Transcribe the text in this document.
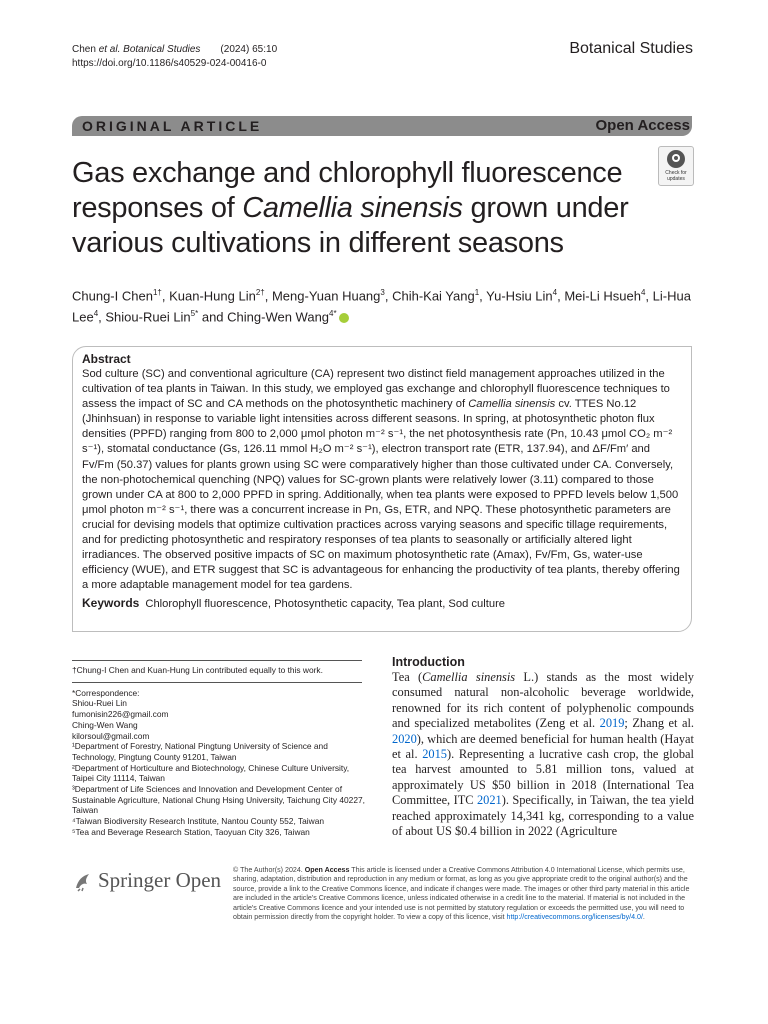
Chen et al. Botanical Studies (2024) 65:10
https://doi.org/10.1186/s40529-024-00416-0
Botanical Studies
ORIGINAL ARTICLE	Open Access
Gas exchange and chlorophyll fluorescence responses of Camellia sinensis grown under various cultivations in different seasons
Check for updates
Chung-I Chen$^{1\dagger}$, Kuan-Hung Lin$^{2\dagger}$, Meng-Yuan Huang$^3$, Chih-Kai Yang$^1$, Yu-Hsiu Lin$^4$, Mei-Li Hsueh$^4$, Li-Hua Lee$^4$, Shiou-Ruei Lin$^{5*}$ and Ching-Wen Wang$^{4*}$
Abstract
Sod culture (SC) and conventional agriculture (CA) represent two distinct field management approaches utilized in the cultivation of tea plants in Taiwan. In this study, we employed gas exchange and chlorophyll fluorescence techniques to assess the impact of SC and CA methods on the photosynthetic machinery of Camellia sinensis cv. TTES No.12 (Jhinhsuan) in response to variable light intensities across different seasons. In spring, at photosynthetic photon flux densities (PPFD) ranging from 800 to 2,000 μmol photon m⁻² s⁻¹, the net photosynthesis rate (Pn, 10.43 μmol CO₂ m⁻² s⁻¹), stomatal conductance (Gs, 126.11 mmol H₂O m⁻² s⁻¹), electron transport rate (ETR, 137.94), and ΔF/Fm′ and Fv/Fm (50.37) values for plants grown using SC were comparatively higher than those cultivated under CA. Conversely, the non-photochemical quenching (NPQ) values for SC-grown plants were relatively lower (3.11) compared to those grown under CA at 800 to 2,000 PPFD in spring. Additionally, when tea plants were exposed to PPFD levels below 1,500 μmol photon m⁻² s⁻¹, there was a concurrent increase in Pn, Gs, ETR, and NPQ. These photosynthetic parameters are crucial for devising models that optimize cultivation practices across varying seasons and specific tillage requirements, and for predicting photosynthetic and respiratory responses of tea plants to seasonally or artificially altered light irradiances. The observed positive impacts of SC on maximum photosynthetic rate (Amax), Fv/Fm, Gs, water-use efficiency (WUE), and ETR suggest that SC is advantageous for enhancing the productivity of tea plants, thereby offering a more adaptable management model for tea gardens.
Keywords Chlorophyll fluorescence, Photosynthetic capacity, Tea plant, Sod culture

†Chung-I Chen and Kuan-Hung Lin contributed equally to this work.

*Correspondence:

Shiou-Ruei Lin

fumonisin226@gmail.com

Ching-Wen Wang

kilorsoul@gmail.com

¹Department of Forestry, National Pingtung University of Science and Technology, Pingtung County 91201, Taiwan

²Department of Horticulture and Biotechnology, Chinese Culture University, Taipei City 11114, Taiwan

³Department of Life Sciences and Innovation and Development Center of Sustainable Agriculture, National Chung Hsing University, Taichung City 40227, Taiwan

⁴Taiwan Biodiversity Research Institute, Nantou County 552, Taiwan

⁵Tea and Beverage Research Station, Taoyuan City 326, Taiwan

Introduction
Tea (Camellia sinensis L.) stands as the most widely consumed natural non-alcoholic beverage worldwide, renowned for its rich content of polyphenolic compounds and specialized metabolites (Zeng et al. 2019; Zhang et al. 2020), which are deemed beneficial for human health (Hayat et al. 2015). Representing a lucrative cash crop, the global tea harvest amounted to 5.81 million tons, valued at approximately US $50 billion in 2018 (International Tea Committee, ITC 2021). Specifically, in Taiwan, the tea yield reached approximately 14,341 kg, corresponding to a value of about US $0.4 billion in 2022 (Agriculture
Springer Open © The Author(s) 2024. Open Access This article is licensed under a Creative Commons Attribution 4.0 International License, which permits use, sharing, adaptation, distribution and reproduction in any medium or format, as long as you give appropriate credit to the original author(s) and the source, provide a link to the Creative Commons licence, and indicate if changes were made. The images or other third party material in this article are included in the article's Creative Commons licence, unless indicated otherwise in a credit line to the material. If material is not included in the article's Creative Commons licence and your intended use is not permitted by statutory regulation or exceeds the permitted use, you will need to obtain permission directly from the copyright holder. To view a copy of this licence, visit http://creativecommons.org/licenses/by/4.0/.
